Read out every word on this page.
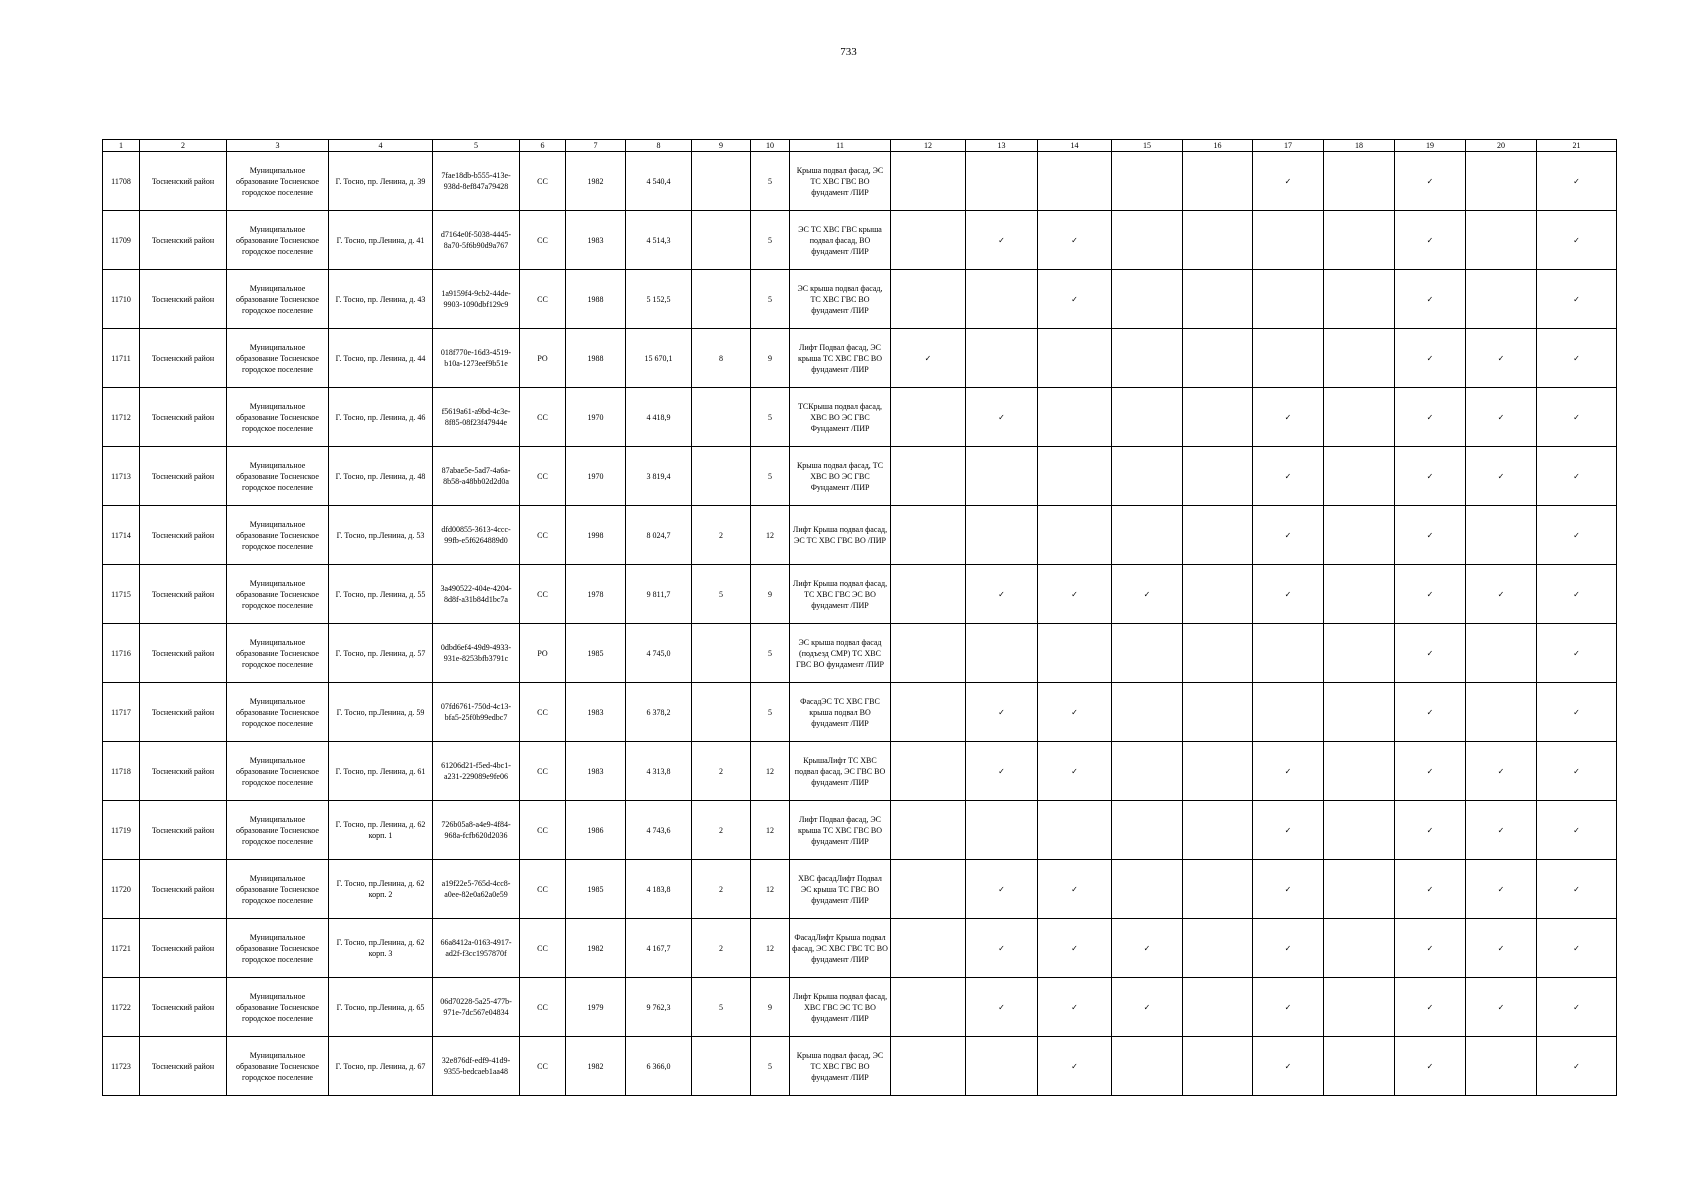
733
1	2	3	4	5	6	7	8	9	10	11	12	13	14	15	16	17	18	19	20	21
11708	Тосненский район	Муниципальное образование Тосненское городское поселение	Г. Тосно, пр. Ленина, д. 39	7fae18db-b555-413e-938d-8ef847a79428	СС	1982	4 540,4		5	Крыша подвал фасад, ЭС ТС ХВС ГВС ВО фундамент /ПИР						✓		✓		✓
11709	Тосненский район	Муниципальное образование Тосненское городское поселение	Г. Тосно, пр.Ленина, д. 41	d7164e0f-5038-4445-8a70-5f6b90d9a767	СС	1983	4 514,3		5	ЭС ТС ХВС ГВС крыша подвал фасад, ВО фундамент /ПИР		✓	✓					✓		✓
11710	Тосненский район	Муниципальное образование Тосненское городское поселение	Г. Тосно, пр. Ленина, д. 43	1a9159f4-9cb2-44de-9903-1090dbf129c9	СС	1988	5 152,5		5	ЭС крыша подвал фасад, ТС ХВС ГВС ВО фундамент /ПИР			✓					✓		✓
11711	Тосненский район	Муниципальное образование Тосненское городское поселение	Г. Тосно, пр. Ленина, д. 44	018f770e-16d3-4519-b10a-1273eef9b51e	РО	1988	15 670,1	8	9	Лифт Подвал фасад, ЭС крыша ТС ХВС ГВС ВО фундамент /ПИР	✓							✓	✓	✓
11712	Тосненский район	Муниципальное образование Тосненское городское поселение	Г. Тосно, пр. Ленина, д. 46	f5619a61-a9bd-4c3e-8f85-08f23f47944e	СС	1970	4 418,9		5	ТСКрыша подвал фасад, ХВС ВО ЭС ГВС Фундамент /ПИР		✓				✓		✓	✓	✓
11713	Тосненский район	Муниципальное образование Тосненское городское поселение	Г. Тосно, пр. Ленина, д. 48	87abae5e-5ad7-4a6a-8b58-a48bb02d2d0a	СС	1970	3 819,4		5	Крыша подвал фасад, ТС ХВС ВО ЭС ГВС Фундамент /ПИР						✓		✓	✓	✓
11714	Тосненский район	Муниципальное образование Тосненское городское поселение	Г. Тосно, пр.Ленина, д. 53	dfd00855-3613-4ccc-99fb-e5f6264889d0	СС	1998	8 024,7	2	12	Лифт Крыша подвал фасад, ЭС ТС ХВС ГВС ВО /ПИР						✓		✓		✓
11715	Тосненский район	Муниципальное образование Тосненское городское поселение	Г. Тосно, пр. Ленина, д. 55	3a490522-404e-4204-8d8f-a31b84d1bc7a	СС	1978	9 811,7	5	9	Лифт Крыша подвал фасад, ТС ХВС ГВС ЭС ВО фундамент /ПИР		✓	✓	✓		✓		✓	✓	✓
11716	Тосненский район	Муниципальное образование Тосненское городское поселение	Г. Тосно, пр. Ленина, д. 57	0dbd6ef4-49d9-4933-931e-8253bfb3791c	РО	1985	4 745,0		5	ЭС крыша подвал фасад (подъезд СМР) ТС ХВС ГВС ВО фундамент /ПИР								✓		✓
11717	Тосненский район	Муниципальное образование Тосненское городское поселение	Г. Тосно, пр.Ленина, д. 59	07fd6761-750d-4c13-bfa5-25f0b99edbc7	СС	1983	6 378,2		5	ФасадЭС ТС ХВС ГВС крыша подвал ВО фундамент /ПИР		✓	✓					✓		✓
11718	Тосненский район	Муниципальное образование Тосненское городское поселение	Г. Тосно, пр. Ленина, д. 61	61206d21-f5ed-4bc1-a231-229089e9fe06	СС	1983	4 313,8	2	12	КрышаЛифт ТС ХВС подвал фасад, ЭС ГВС ВО фундамент /ПИР		✓	✓			✓		✓	✓	✓
11719	Тосненский район	Муниципальное образование Тосненское городское поселение	Г. Тосно, пр. Ленина, д. 62 корп. 1	726b05a8-a4e9-4f84-968a-fcfb620d2036	СС	1986	4 743,6	2	12	Лифт Подвал фасад, ЭС крыша ТС ХВС ГВС ВО фундамент /ПИР						✓		✓	✓	✓
11720	Тосненский район	Муниципальное образование Тосненское городское поселение	Г. Тосно, пр.Ленина, д. 62 корп. 2	a19f22e5-765d-4cc8-a0ee-82e0a62a0e59	СС	1985	4 183,8	2	12	ХВС фасадЛифт Подвал ЭС крыша ТС ГВС ВО фундамент /ПИР		✓	✓			✓		✓	✓	✓
11721	Тосненский район	Муниципальное образование Тосненское городское поселение	Г. Тосно, пр.Ленина, д. 62 корп. 3	66a8412a-0163-4917-ad2f-f3cc1957870f	СС	1982	4 167,7	2	12	ФасадЛифт Крыша подвал фасад, ЭС ХВС ГВС ТС ВО фундамент /ПИР		✓	✓	✓		✓		✓	✓	✓
11722	Тосненский район	Муниципальное образование Тосненское городское поселение	Г. Тосно, пр.Ленина, д. 65	06d70228-5a25-477b-971e-7dc567e04834	СС	1979	9 762,3	5	9	Лифт Крыша подвал фасад, ХВС ГВС ЭС ТС ВО фундамент /ПИР		✓	✓	✓		✓		✓	✓	✓
11723	Тосненский район	Муниципальное образование Тосненское городское поселение	Г. Тосно, пр. Ленина, д. 67	32e876df-edf9-41d9-9355-bedcaeb1aa48	СС	1982	6 366,0		5	Крыша подвал фасад, ЭС ТС ХВС ГВС ВО фундамент /ПИР			✓			✓		✓		✓
